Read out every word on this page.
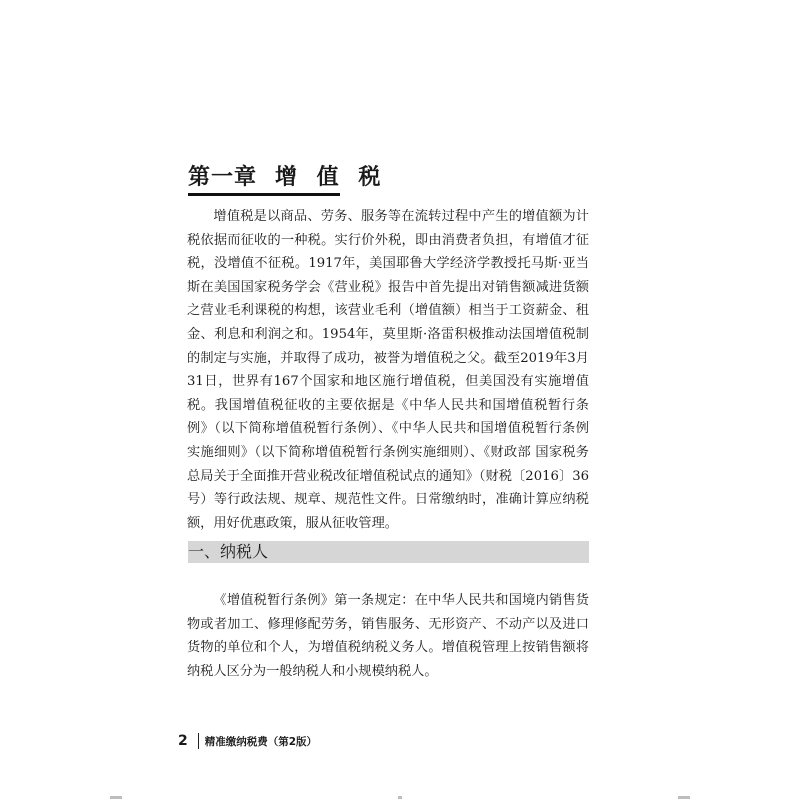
第一章 增 值 税

增值税是以商品、劳务、服务等在流转过程中产生的增值额为计税依据而征收的一种税。实行价外税，即由消费者负担，有增值才征税，没增值不征税。1917年，美国耶鲁大学经济学教授托马斯·亚当斯在美国国家税务学会《营业税》报告中首先提出对销售额减进货额之营业毛利课税的构想，该营业毛利（增值额）相当于工资薪金、租金、利息和利润之和。1954年，莫里斯·洛雷积极推动法国增值税制的制定与实施，并取得了成功，被誉为增值税之父。截至2019年3月31日，世界有167个国家和地区施行增值税，但美国没有实施增值税。我国增值税征收的主要依据是《中华人民共和国增值税暂行条例》（以下简称增值税暂行条例）、《中华人民共和国增值税暂行条例实施细则》（以下简称增值税暂行条例实施细则）、《财政部 国家税务总局关于全面推开营业税改征增值税试点的通知》（财税〔2016〕36号）等行政法规、规章、规范性文件。日常缴纳时，准确计算应纳税额，用好优惠政策，服从征收管理。

一、纳税人

《增值税暂行条例》第一条规定：在中华人民共和国境内销售货物或者加工、修理修配劳务，销售服务、无形资产、不动产以及进口货物的单位和个人，为增值税纳税义务人。增值税管理上按销售额将纳税人区分为一般纳税人和小规模纳税人。

2 精准缴纳税费（第2版）
